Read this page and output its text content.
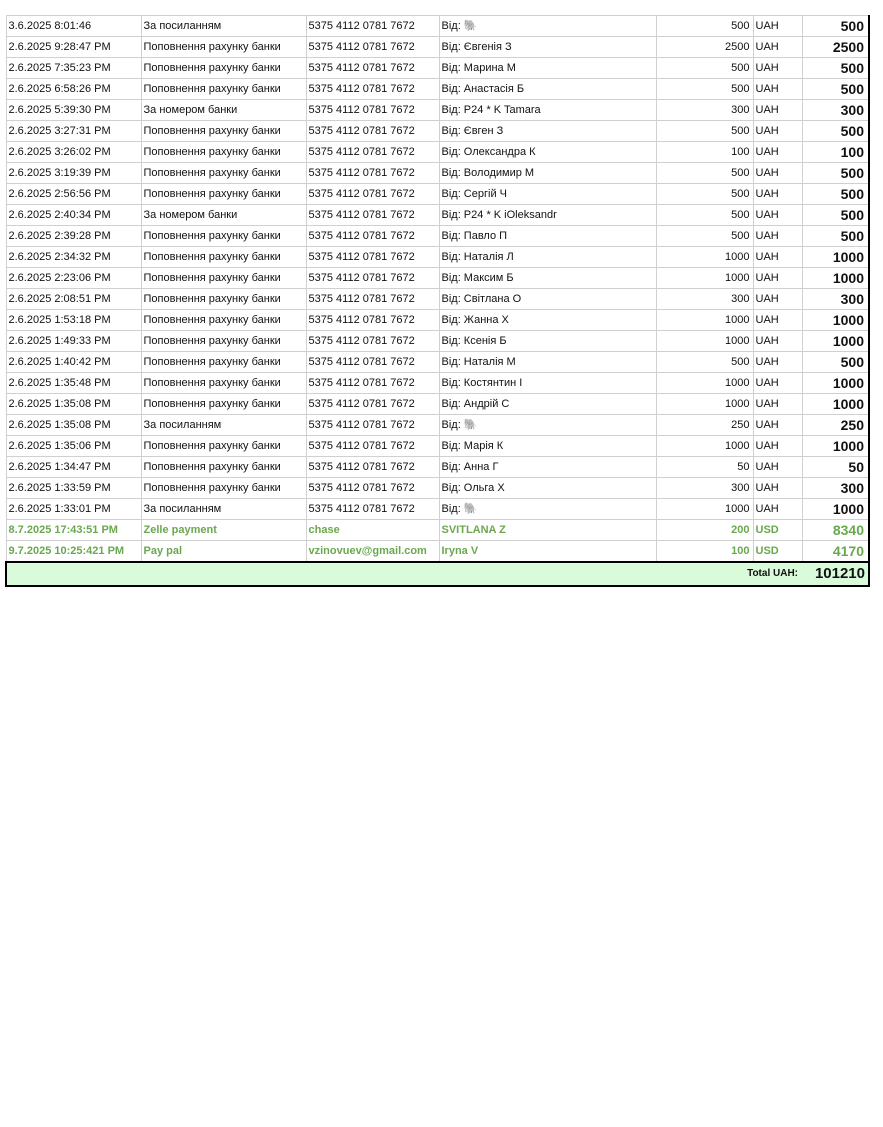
3.6.2025 8:01:46	За посиланням	5375 4112 0781 7672	Від: 🐘	500	UAH	500
2.6.2025 9:28:47 PM	Поповнення рахунку банки	5375 4112 0781 7672	Від: Євгенія З	2500	UAH	2500
2.6.2025 7:35:23 PM	Поповнення рахунку банки	5375 4112 0781 7672	Від: Марина М	500	UAH	500
2.6.2025 6:58:26 PM	Поповнення рахунку банки	5375 4112 0781 7672	Від: Анастасія Б	500	UAH	500
2.6.2025 5:39:30 PM	За номером банки	5375 4112 0781 7672	Від: P24 * K Tamara	300	UAH	300
2.6.2025 3:27:31 PM	Поповнення рахунку банки	5375 4112 0781 7672	Від: Євген З	500	UAH	500
2.6.2025 3:26:02 PM	Поповнення рахунку банки	5375 4112 0781 7672	Від: Олександра К	100	UAH	100
2.6.2025 3:19:39 PM	Поповнення рахунку банки	5375 4112 0781 7672	Від: Володимир М	500	UAH	500
2.6.2025 2:56:56 PM	Поповнення рахунку банки	5375 4112 0781 7672	Від: Сергій Ч	500	UAH	500
2.6.2025 2:40:34 PM	За номером банки	5375 4112 0781 7672	Від: P24 * K iOleksandr	500	UAH	500
2.6.2025 2:39:28 PM	Поповнення рахунку банки	5375 4112 0781 7672	Від: Павло П	500	UAH	500
2.6.2025 2:34:32 PM	Поповнення рахунку банки	5375 4112 0781 7672	Від: Наталія Л	1000	UAH	1000
2.6.2025 2:23:06 PM	Поповнення рахунку банки	5375 4112 0781 7672	Від: Максим Б	1000	UAH	1000
2.6.2025 2:08:51 PM	Поповнення рахунку банки	5375 4112 0781 7672	Від: Світлана О	300	UAH	300
2.6.2025 1:53:18 PM	Поповнення рахунку банки	5375 4112 0781 7672	Від: Жанна Х	1000	UAH	1000
2.6.2025 1:49:33 PM	Поповнення рахунку банки	5375 4112 0781 7672	Від: Ксенія Б	1000	UAH	1000
2.6.2025 1:40:42 PM	Поповнення рахунку банки	5375 4112 0781 7672	Від: Наталія М	500	UAH	500
2.6.2025 1:35:48 PM	Поповнення рахунку банки	5375 4112 0781 7672	Від: Костянтин І	1000	UAH	1000
2.6.2025 1:35:08 PM	Поповнення рахунку банки	5375 4112 0781 7672	Від: Андрій С	1000	UAH	1000
2.6.2025 1:35:08 PM	За посиланням	5375 4112 0781 7672	Від: 🐘	250	UAH	250
2.6.2025 1:35:06 PM	Поповнення рахунку банки	5375 4112 0781 7672	Від: Марія К	1000	UAH	1000
2.6.2025 1:34:47 PM	Поповнення рахунку банки	5375 4112 0781 7672	Від: Анна Г	50	UAH	50
2.6.2025 1:33:59 PM	Поповнення рахунку банки	5375 4112 0781 7672	Від: Ольга Х	300	UAH	300
2.6.2025 1:33:01 PM	За посиланням	5375 4112 0781 7672	Від: 🐘	1000	UAH	1000
8.7.2025 17:43:51 PM	Zelle payment	chase	SVITLANA Z	200	USD	8340
9.7.2025 10:25:421 PM	Pay pal	vzinovuev@gmail.com	Iryna V	100	USD	4170
Total UAH:						101210
